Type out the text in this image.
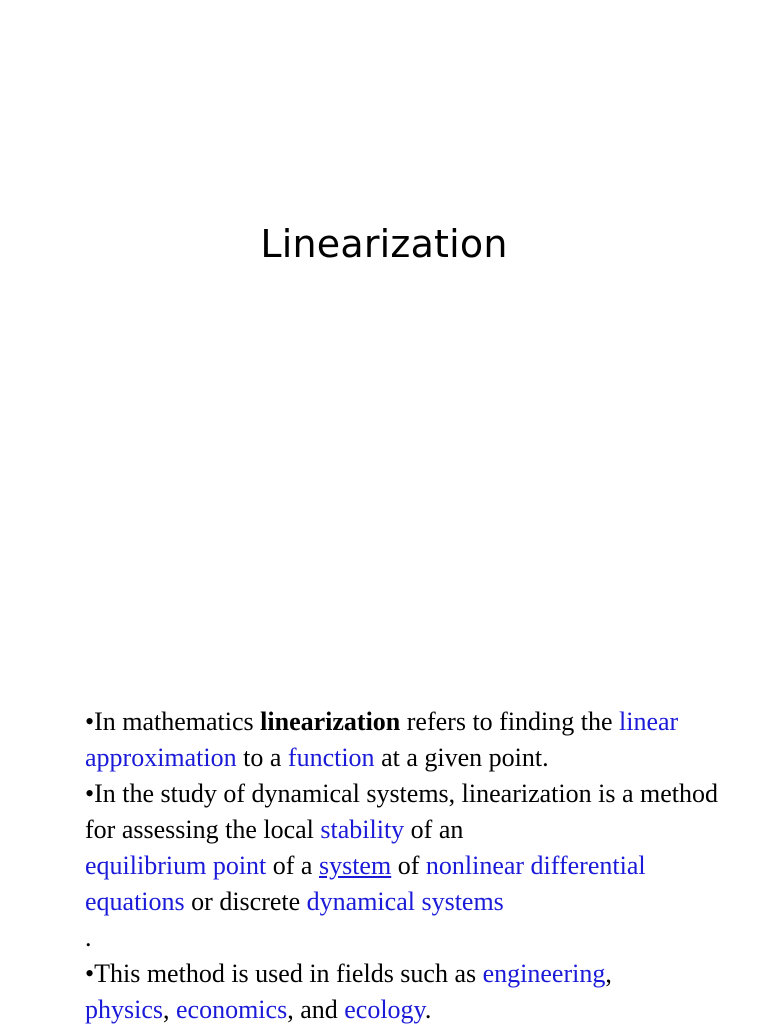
Linearization

•In mathematics linearization refers to finding the linear approximation to a function at a given point.

•In the study of dynamical systems, linearization is a method for assessing the local stability of an
equilibrium point of a system of nonlinear differential equations or discrete dynamical systems
.

•This method is used in fields such as engineering,
physics, economics, and ecology.
